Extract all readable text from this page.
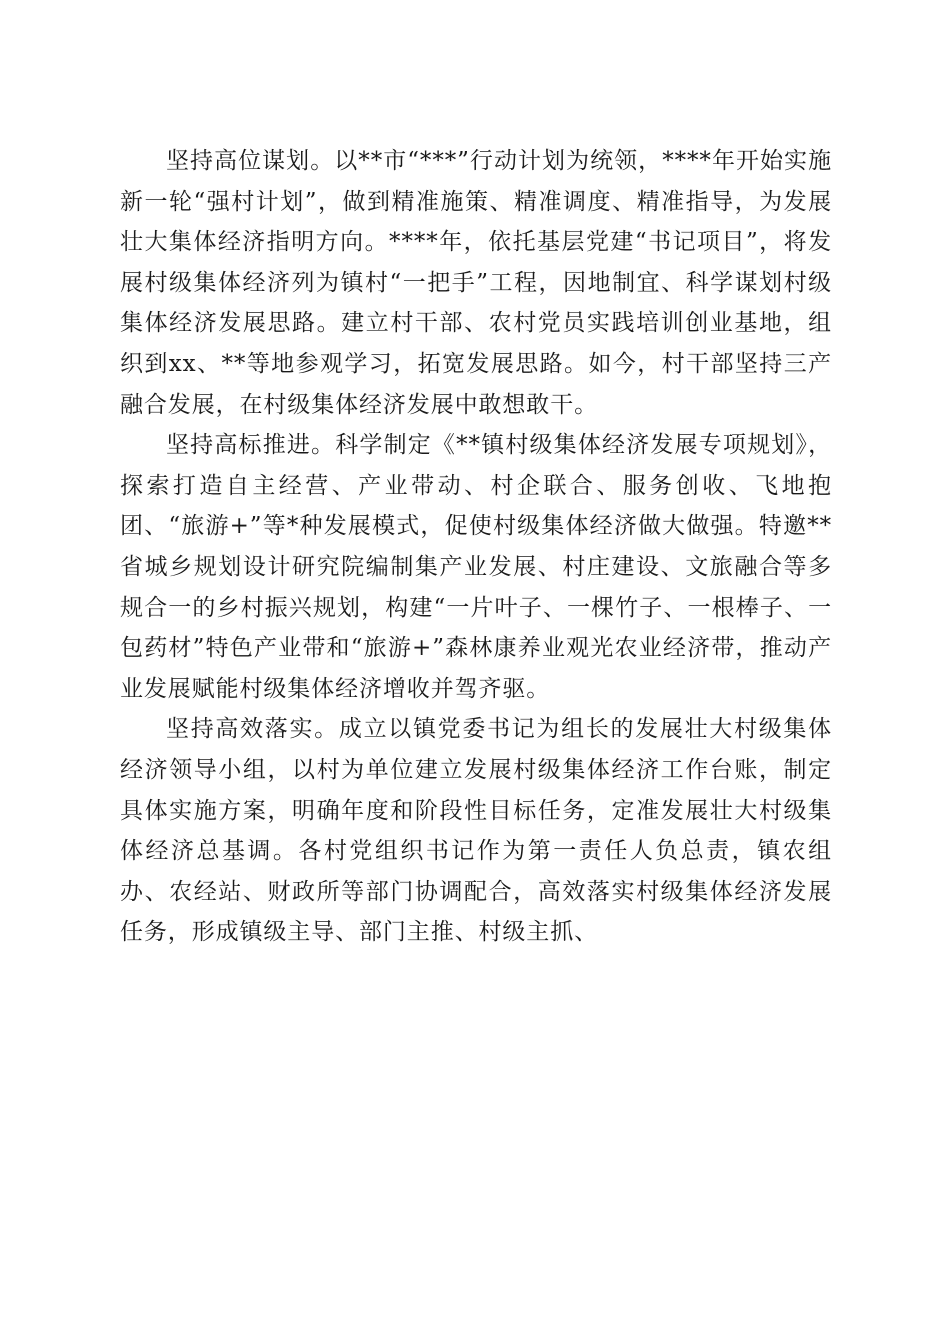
坚持高位谋划。以**市“***”行动计划为统领，****年开始实施新一轮“强村计划”，做到精准施策、精准调度、精准指导，为发展壮大集体经济指明方向。****年，依托基层党建“书记项目”，将发展村级集体经济列为镇村“一把手”工程，因地制宜、科学谋划村级集体经济发展思路。建立村干部、农村党员实践培训创业基地，组织到xx、**等地参观学习，拓宽发展思路。如今，村干部坚持三产融合发展，在村级集体经济发展中敢想敢干。

坚持高标推进。科学制定《**镇村级集体经济发展专项规划》，探索打造自主经营、产业带动、村企联合、服务创收、飞地抱团、“旅游+”等*种发展模式，促使村级集体经济做大做强。特邀**省城乡规划设计研究院编制集产业发展、村庄建设、文旅融合等多规合一的乡村振兴规划，构建“一片叶子、一棵竹子、一根棒子、一包药材”特色产业带和“旅游+”森林康养业观光农业经济带，推动产业发展赋能村级集体经济增收并驾齐驱。

坚持高效落实。成立以镇党委书记为组长的发展壮大村级集体经济领导小组，以村为单位建立发展村级集体经济工作台账，制定具体实施方案，明确年度和阶段性目标任务，定准发展壮大村级集体经济总基调。各村党组织书记作为第一责任人负总责，镇农组办、农经站、财政所等部门协调配合，高效落实村级集体经济发展任务，形成镇级主导、部门主推、村级主抓、
